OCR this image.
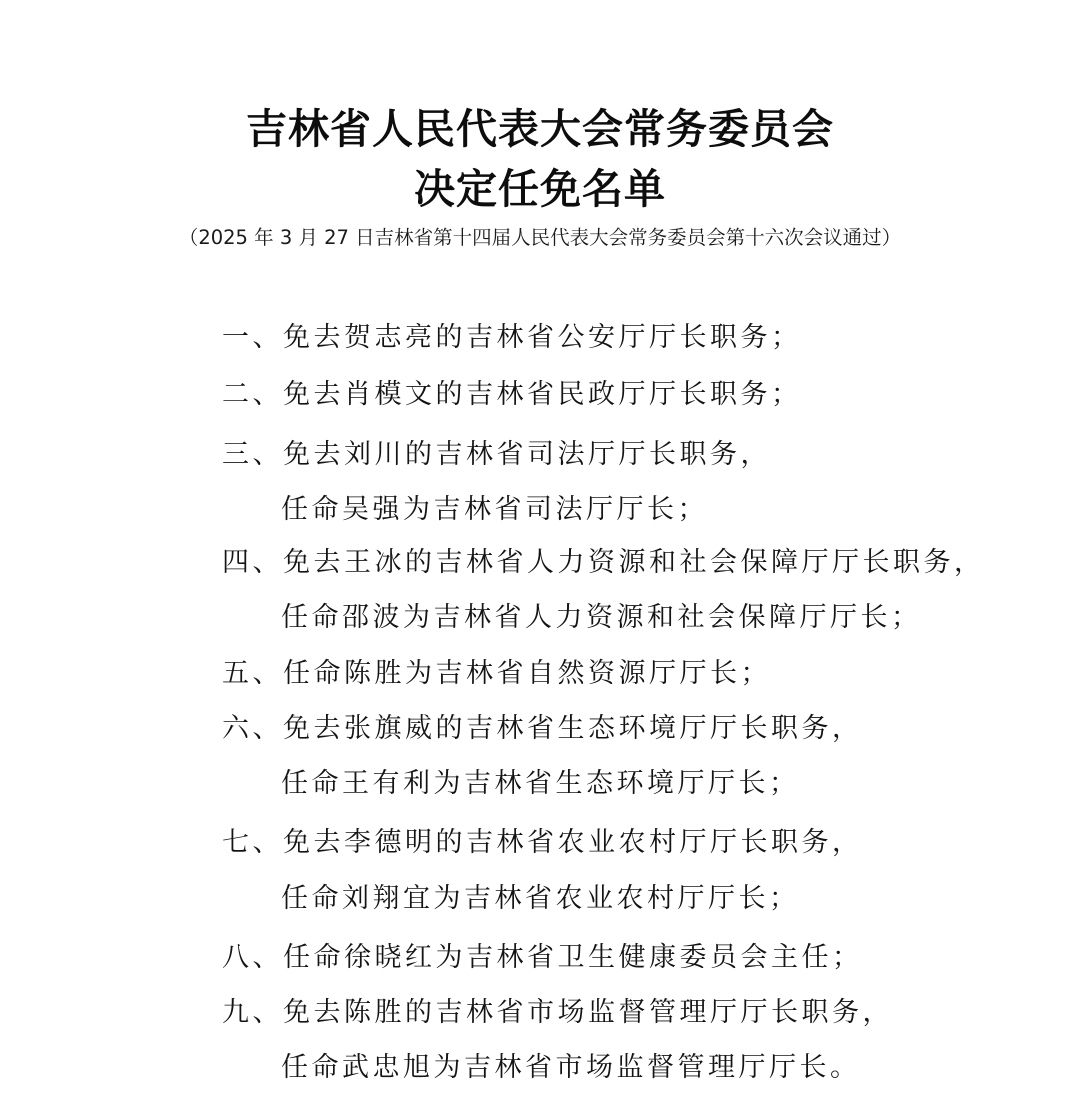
吉林省人民代表大会常务委员会
决定任免名单
（2025 年 3 月 27 日吉林省第十四届人民代表大会常务委员会第十六次会议通过）
一、免去贺志亮的吉林省公安厅厅长职务；
二、免去肖模文的吉林省民政厅厅长职务；
三、免去刘川的吉林省司法厅厅长职务，
任命吴强为吉林省司法厅厅长；
四、免去王冰的吉林省人力资源和社会保障厅厅长职务，
任命邵波为吉林省人力资源和社会保障厅厅长；
五、任命陈胜为吉林省自然资源厅厅长；
六、免去张旗威的吉林省生态环境厅厅长职务，
任命王有利为吉林省生态环境厅厅长；
七、免去李德明的吉林省农业农村厅厅长职务，
任命刘翔宜为吉林省农业农村厅厅长；
八、任命徐晓红为吉林省卫生健康委员会主任；
九、免去陈胜的吉林省市场监督管理厅厅长职务，
任命武忠旭为吉林省市场监督管理厅厅长。
